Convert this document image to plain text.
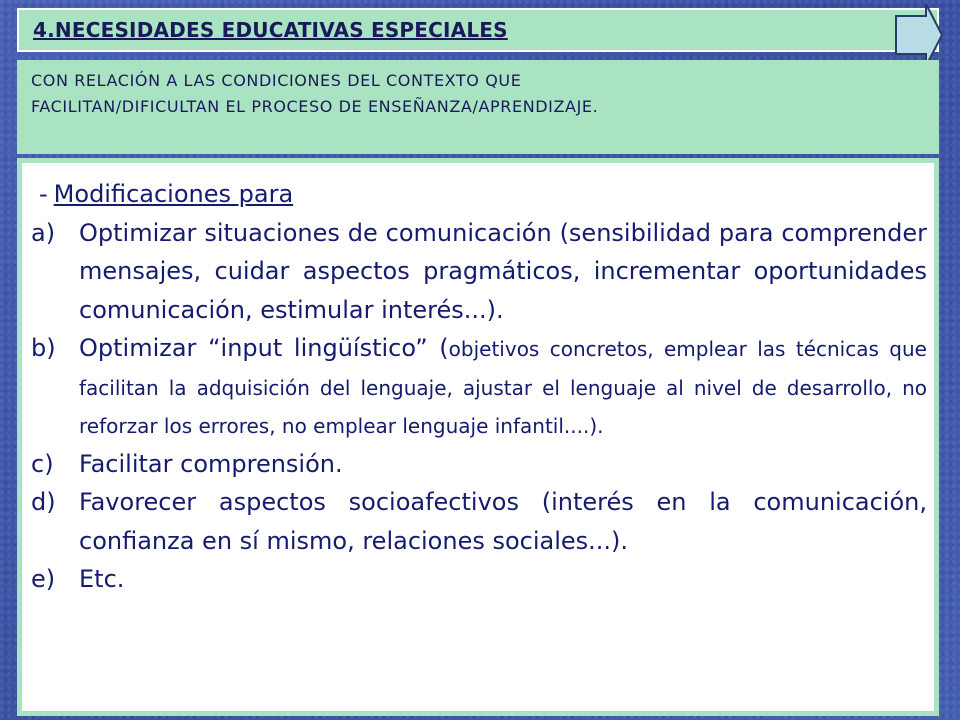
4.NECESIDADES EDUCATIVAS ESPECIALES
CON RELACIÓN A LAS CONDICIONES DEL CONTEXTO QUE
FACILITAN/DIFICULTAN EL PROCESO DE ENSEÑANZA/APRENDIZAJE.
- Modificaciones para
a) Optimizar situaciones de comunicación (sensibilidad para comprender mensajes, cuidar aspectos pragmáticos, incrementar oportunidades comunicación, estimular interés...).
b) Optimizar “input lingüístico” (objetivos concretos, emplear las técnicas que facilitan la adquisición del lenguaje, ajustar el lenguaje al nivel de desarrollo, no reforzar los errores, no emplear lenguaje infantil....).
c)	Facilitar comprensión.
d) Favorecer aspectos socioafectivos (interés en la comunicación, confianza en sí mismo, relaciones sociales...).
e) Etc.
